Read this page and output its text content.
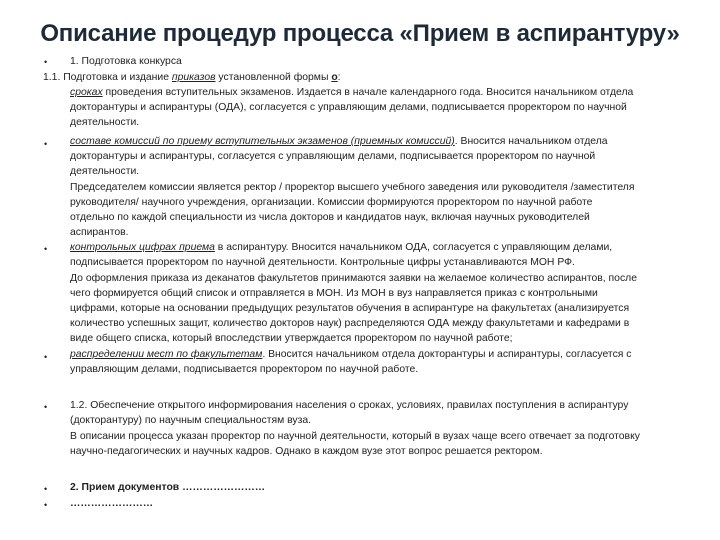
Описание процедур процесса «Прием в аспирантуру»
• 1. Подготовка конкурса
1.1. Подготовка и издание приказов установленной формы о:
сроках проведения вступительных экзаменов. Издается в начале календарного года. Вносится начальником отдела
докторантуры и аспирантуры (ОДА), согласуется с управляющим делами, подписывается проректором по научной
деятельности.
• составе комиссий по приему вступительных экзаменов (приемных комиссий). Вносится начальником отдела
докторантуры и аспирантуры, согласуется с управляющим делами, подписывается проректором по научной
деятельности.
Председателем комиссии является ректор / проректор высшего учебного заведения или руководителя /заместителя
руководителя/ научного учреждения, организации. Комиссии формируются проректором по научной работе
отдельно по каждой специальности из числа докторов и кандидатов наук, включая научных руководителей
аспирантов.
• контрольных цифрах приема в аспирантуру. Вносится начальником ОДА, согласуется с управляющим делами,
подписывается проректором по научной деятельности. Контрольные цифры устанавливаются МОН РФ.
До оформления приказа из деканатов факультетов принимаются заявки на желаемое количество аспирантов, после
чего формируется общий список и отправляется в МОН. Из МОН в вуз направляется приказ с контрольными
цифрами, которые на основании предыдущих результатов обучения в аспирантуре на факультетах (анализируется
количество успешных защит, количество докторов наук) распределяются ОДА между факультетами и кафедрами в
виде общего списка, который впоследствии утверждается проректором по научной работе;
• распределении мест по факультетам. Вносится начальником отдела докторантуры и аспирантуры, согласуется с
управляющим делами, подписывается проректором по научной работе.
• 1.2. Обеспечение открытого информирования населения о сроках, условиях, правилах поступления в аспирантуру
(докторантуру) по научным специальностям вуза.
В описании процесса указан проректор по научной деятельности, который в вузах чаще всего отвечает за подготовку
научно-педагогических и научных кадров. Однако в каждом вузе этот вопрос решается ректором.
• 2. Прием документов ……………………
• ……………………
